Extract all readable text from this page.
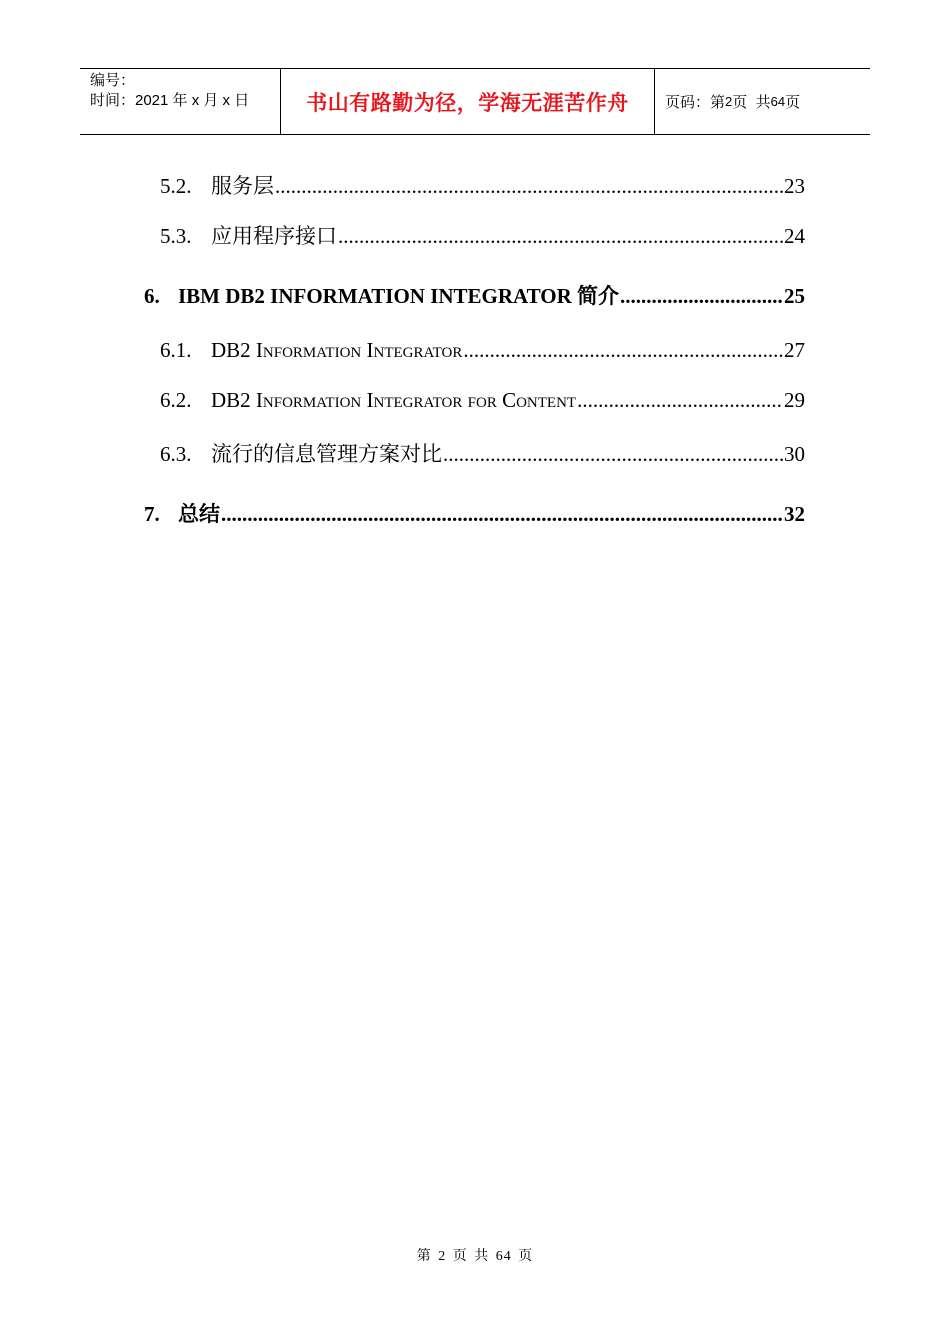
编号：
时间：2021 年 x 月 x 日	书山有路勤为径，学海无涯苦作舟	页码：第 2 页  共 64 页
5.2. 服务层 .....	23
5.3. 应用程序接口 .....	24
6. IBM DB2 INFORMATION INTEGRATOR 简介 .....	25
6.1. DB2 Information Integrator .....	27
6.2. DB2 Information Integrator for Content .....	29
6.3. 流行的信息管理方案对比 .....	30
7. 总结 .....	32
第 2 页 共 64 页
